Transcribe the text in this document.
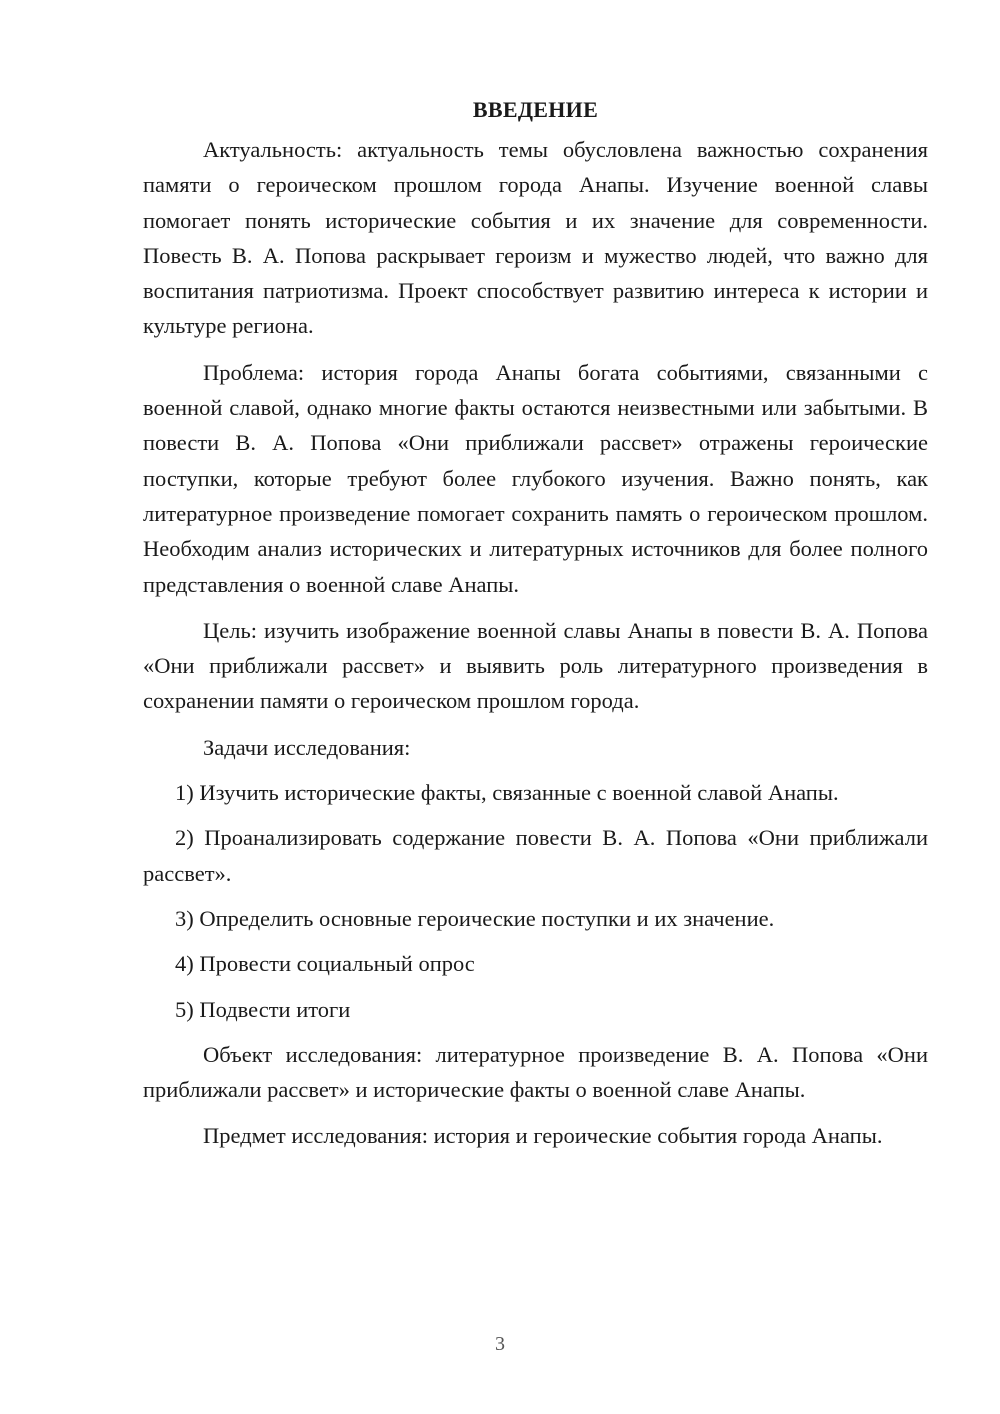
ВВЕДЕНИЕ

Актуальность: актуальность темы обусловлена важностью сохранения памяти о героическом прошлом города Анапы. Изучение военной славы помогает понять исторические события и их значение для современности. Повесть В. А. Попова раскрывает героизм и мужество людей, что важно для воспитания патриотизма. Проект способствует развитию интереса к истории и культуре региона.

Проблема: история города Анапы богата событиями, связанными с военной славой, однако многие факты остаются неизвестными или забытыми. В повести В. А. Попова «Они приближали рассвет» отражены героические поступки, которые требуют более глубокого изучения. Важно понять, как литературное произведение помогает сохранить память о героическом прошлом. Необходим анализ исторических и литературных источников для более полного представления о военной славе Анапы.

Цель: изучить изображение военной славы Анапы в повести В. А. Попова «Они приближали рассвет» и выявить роль литературного произведения в сохранении памяти о героическом прошлом города.

Задачи исследования:

1) Изучить исторические факты, связанные с военной славой Анапы.

2) Проанализировать содержание повести В. А. Попова «Они приближали рассвет».

3) Определить основные героические поступки и их значение.

4) Провести социальный опрос

5) Подвести итоги

Объект исследования: литературное произведение В. А. Попова «Они приближали рассвет» и исторические факты о военной славе Анапы.

Предмет исследования: история и героические события города Анапы.

3
